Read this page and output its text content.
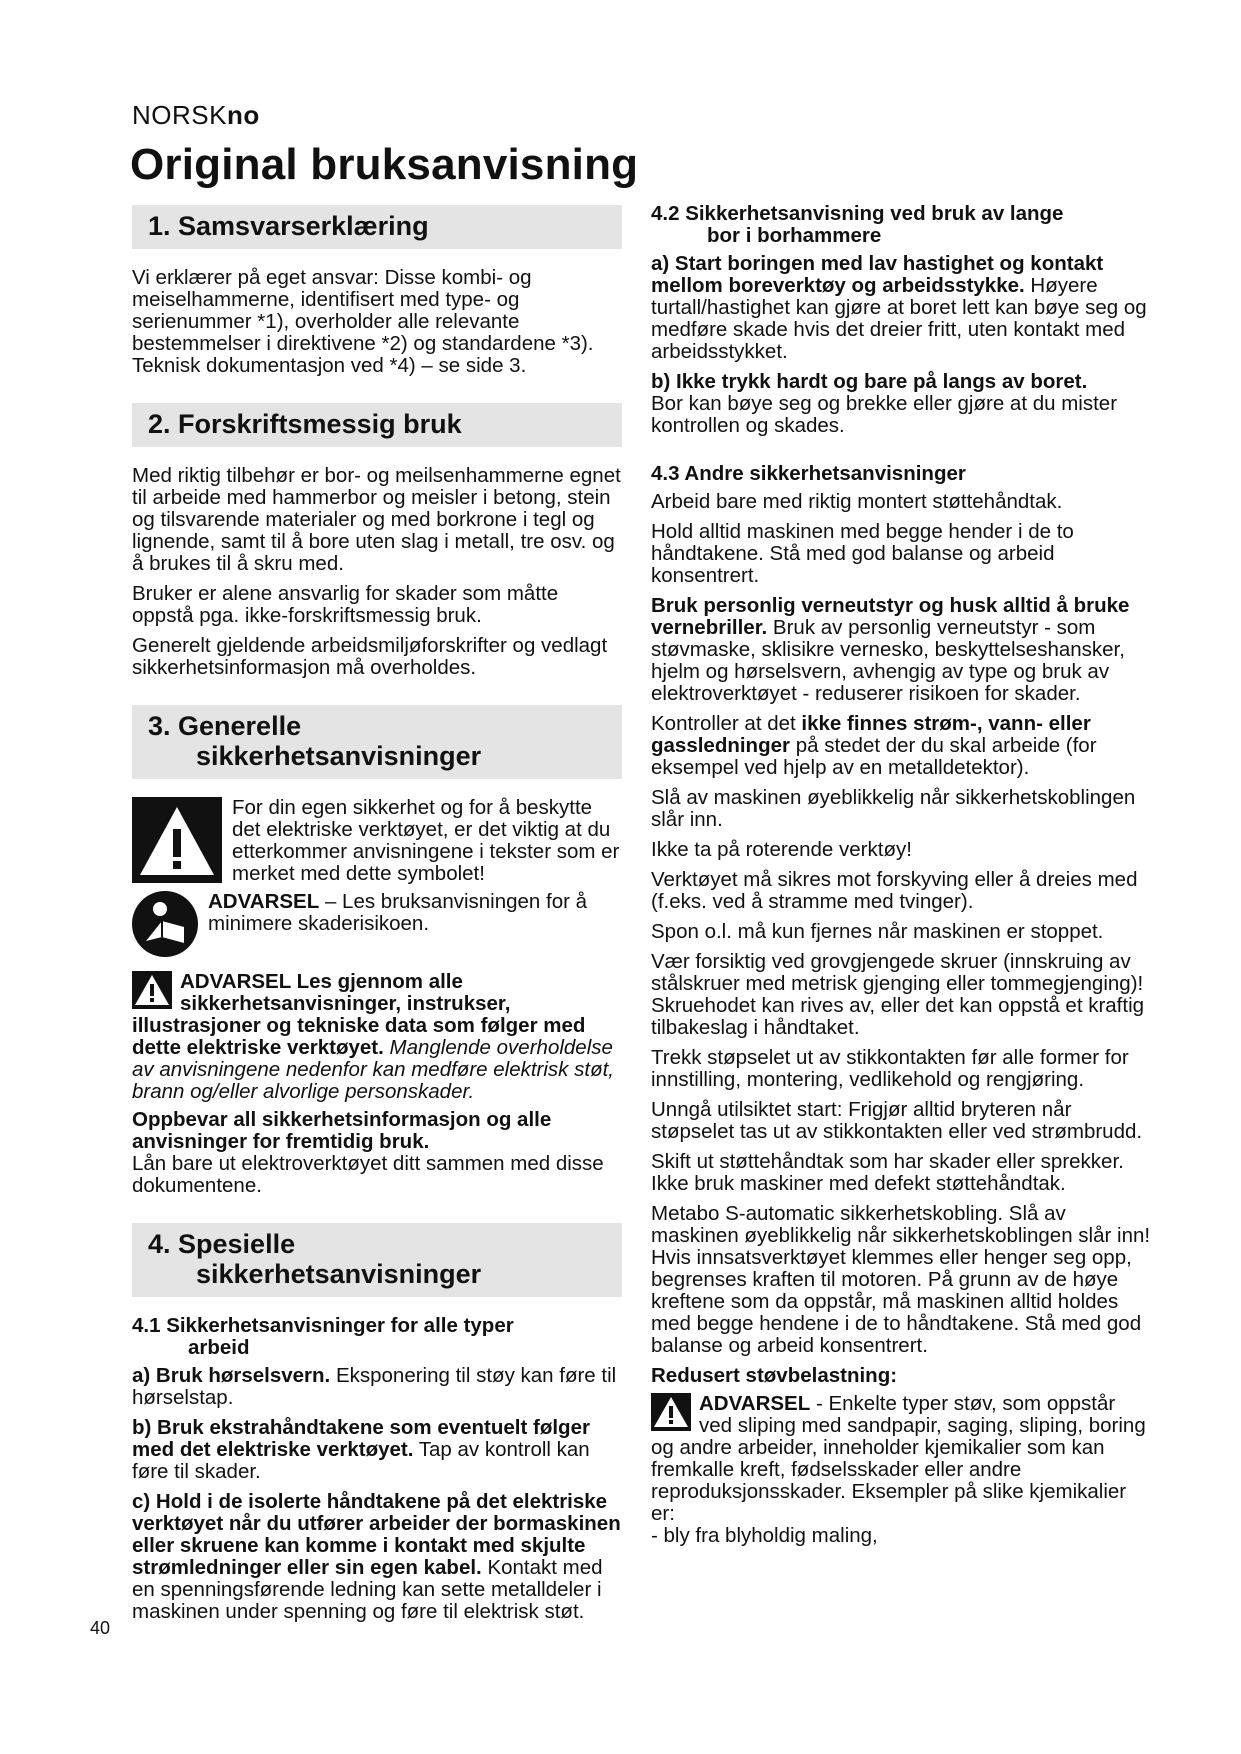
NORSKno
Original bruksanvisning
1. Samsvarserklæring

Vi erklærer på eget ansvar: Disse kombi- og meiselhammerne, identifisert med type- og serienummer *1), overholder alle relevante bestemmelser i direktivene *2) og standardene *3). Teknisk dokumentasjon ved *4) – se side 3.

2. Forskriftsmessig bruk

Med riktig tilbehør er bor- og meilsenhammerne egnet til arbeide med hammerbor og meisler i betong, stein og tilsvarende materialer og med borkrone i tegl og lignende, samt til å bore uten slag i metall, tre osv. og å brukes til å skru med.

Bruker er alene ansvarlig for skader som måtte oppstå pga. ikke-forskriftsmessig bruk.

Generelt gjeldende arbeidsmiljøforskrifter og vedlagt sikkerhetsinformasjon må overholdes.

3. Generelle
sikkerhetsanvisninger
For din egen sikkerhet og for å beskytte det elektriske verktøyet, er det viktig at du etterkommer anvisningene i tekster som er merket med dette symbolet!
ADVARSEL – Les bruksanvisningen for å minimere skaderisikoen.
ADVARSEL Les gjennom alle sikkerhetsanvisninger, instrukser, illustrasjoner og tekniske data som følger med dette elektriske verktøyet. Manglende overholdelse av anvisningene nedenfor kan medføre elektrisk støt, brann og/eller alvorlige personskader.

Oppbevar all sikkerhetsinformasjon og alle anvisninger for fremtidig bruk.
Lån bare ut elektroverktøyet ditt sammen med disse dokumentene.

4. Spesielle
sikkerhetsanvisninger
4.1 Sikkerhetsanvisninger for alle typer
arbeid

a) Bruk hørselsvern. Eksponering til støy kan føre til hørselstap.

b) Bruk ekstrahåndtakene som eventuelt følger med det elektriske verktøyet. Tap av kontroll kan føre til skader.

c) Hold i de isolerte håndtakene på det elektriske verktøyet når du utfører arbeider der bormaskinen eller skruene kan komme i kontakt med skjulte strømledninger eller sin egen kabel. Kontakt med en spenningsførende ledning kan sette metalldeler i maskinen under spenning og føre til elektrisk støt.

4.2 Sikkerhetsanvisning ved bruk av lange
bor i borhammere

a) Start boringen med lav hastighet og kontakt mellom boreverktøy og arbeidsstykke. Høyere turtall/hastighet kan gjøre at boret lett kan bøye seg og medføre skade hvis det dreier fritt, uten kontakt med arbeidsstykket.

b) Ikke trykk hardt og bare på langs av boret.
Bor kan bøye seg og brekke eller gjøre at du mister kontrollen og skades.

4.3 Andre sikkerhetsanvisninger

Arbeid bare med riktig montert støttehåndtak.

Hold alltid maskinen med begge hender i de to håndtakene. Stå med god balanse og arbeid konsentrert.

Bruk personlig verneutstyr og husk alltid å bruke vernebriller. Bruk av personlig verneutstyr - som støvmaske, sklisikre vernesko, beskyttelseshansker, hjelm og hørselsvern, avhengig av type og bruk av elektroverktøyet - reduserer risikoen for skader.

Kontroller at det ikke finnes strøm-, vann- eller gassledninger på stedet der du skal arbeide (for eksempel ved hjelp av en metalldetektor).

Slå av maskinen øyeblikkelig når sikkerhetskoblingen slår inn.

Ikke ta på roterende verktøy!

Verktøyet må sikres mot forskyving eller å dreies med (f.eks. ved å stramme med tvinger).

Spon o.l. må kun fjernes når maskinen er stoppet.

Vær forsiktig ved grovgjengede skruer (innskruing av stålskruer med metrisk gjenging eller tommegjenging)! Skruehodet kan rives av, eller det kan oppstå et kraftig tilbakeslag i håndtaket.

Trekk støpselet ut av stikkontakten før alle former for innstilling, montering, vedlikehold og rengjøring.

Unngå utilsiktet start: Frigjør alltid bryteren når støpselet tas ut av stikkontakten eller ved strømbrudd.

Skift ut støttehåndtak som har skader eller sprekker. Ikke bruk maskiner med defekt støttehåndtak.

Metabo S-automatic sikkerhetskobling. Slå av maskinen øyeblikkelig når sikkerhetskoblingen slår inn! Hvis innsatsverktøyet klemmes eller henger seg opp, begrenses kraften til motoren. På grunn av de høye kreftene som da oppstår, må maskinen alltid holdes med begge hendene i de to håndtakene. Stå med god balanse og arbeid konsentrert.

Redusert støvbelastning:
ADVARSEL - Enkelte typer støv, som oppstår ved sliping med sandpapir, saging, sliping, boring og andre arbeider, inneholder kjemikalier som kan fremkalle kreft, fødselsskader eller andre reproduksjonsskader. Eksempler på slike kjemikalier er:

- bly fra blyholdig maling,

40
